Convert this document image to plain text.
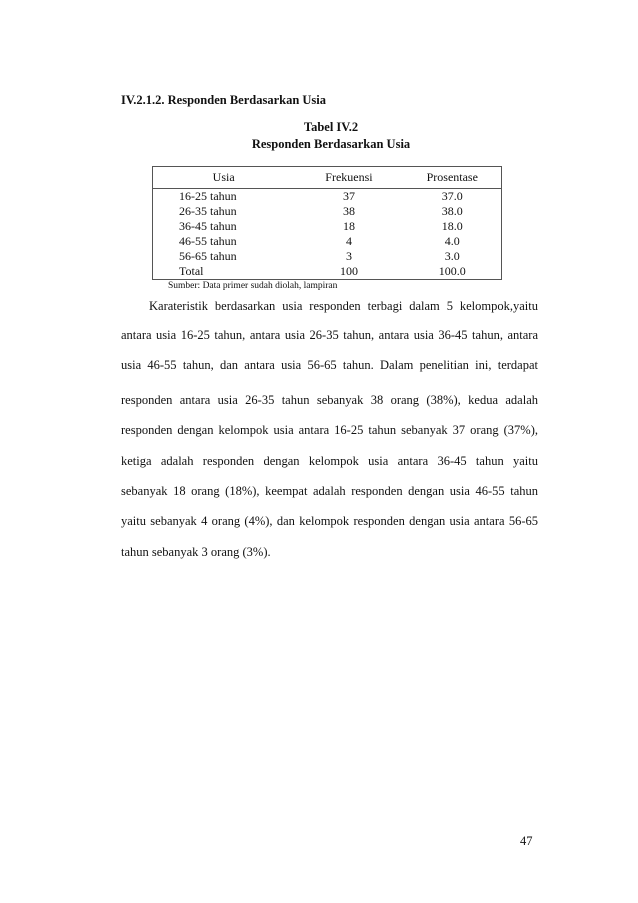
IV.2.1.2. Responden Berdasarkan Usia
Tabel IV.2
Responden Berdasarkan Usia
Usia	Frekuensi	Prosentase
16-25 tahun	37	37.0
26-35 tahun	38	38.0
36-45 tahun	18	18.0
46-55 tahun	4	4.0
56-65 tahun	3	3.0
Total	100	100.0
Sumber: Data primer sudah diolah, lampiran
Karateristik berdasarkan usia responden terbagi dalam 5 kelompok,yaitu
antara usia 16-25 tahun, antara usia 26-35 tahun, antara usia 36-45 tahun, antara
usia 46-55 tahun, dan antara usia 56-65 tahun. Dalam penelitian ini, terdapat
responden antara usia 26-35 tahun sebanyak 38 orang (38%), kedua adalah
responden dengan kelompok usia antara 16-25 tahun sebanyak 37 orang (37%),
ketiga adalah responden dengan kelompok usia antara 36-45 tahun yaitu
sebanyak 18 orang (18%), keempat adalah responden dengan usia 46-55 tahun
yaitu sebanyak 4 orang (4%), dan kelompok responden dengan usia antara 56-65
tahun sebanyak 3 orang (3%).
47
